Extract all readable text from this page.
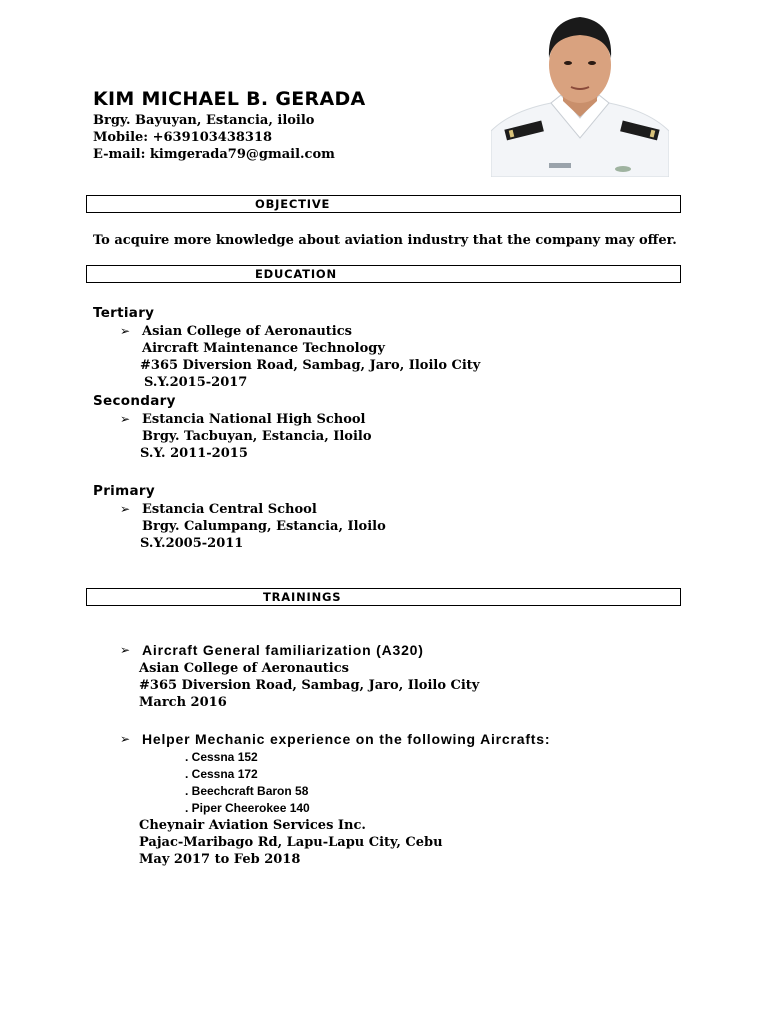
KIM MICHAEL B. GERADA
Brgy. Bayuyan, Estancia, iloilo
Mobile: +639103438318
E-mail: kimgerada79@gmail.com
OBJECTIVE
To acquire more knowledge about aviation industry that the company may offer.
EDUCATION
Tertiary
➢ Asian College of Aeronautics
Aircraft Maintenance Technology
#365 Diversion Road, Sambag, Jaro, Iloilo City
S.Y.2015-2017
Secondary
➢ Estancia National High School
Brgy. Tacbuyan, Estancia, Iloilo
S.Y. 2011-2015
Primary
➢ Estancia Central School
Brgy. Calumpang, Estancia, Iloilo
S.Y.2005-2011
TRAININGS
➢ Aircraft General familiarization (A320)
Asian College of Aeronautics
#365 Diversion Road, Sambag, Jaro, Iloilo City
March 2016
➢ Helper Mechanic experience on the following Aircrafts:
. Cessna 152
. Cessna 172
. Beechcraft Baron 58
. Piper Cheerokee 140
Cheynair Aviation Services Inc.
Pajac-Maribago Rd, Lapu-Lapu City, Cebu
May 2017 to Feb 2018
